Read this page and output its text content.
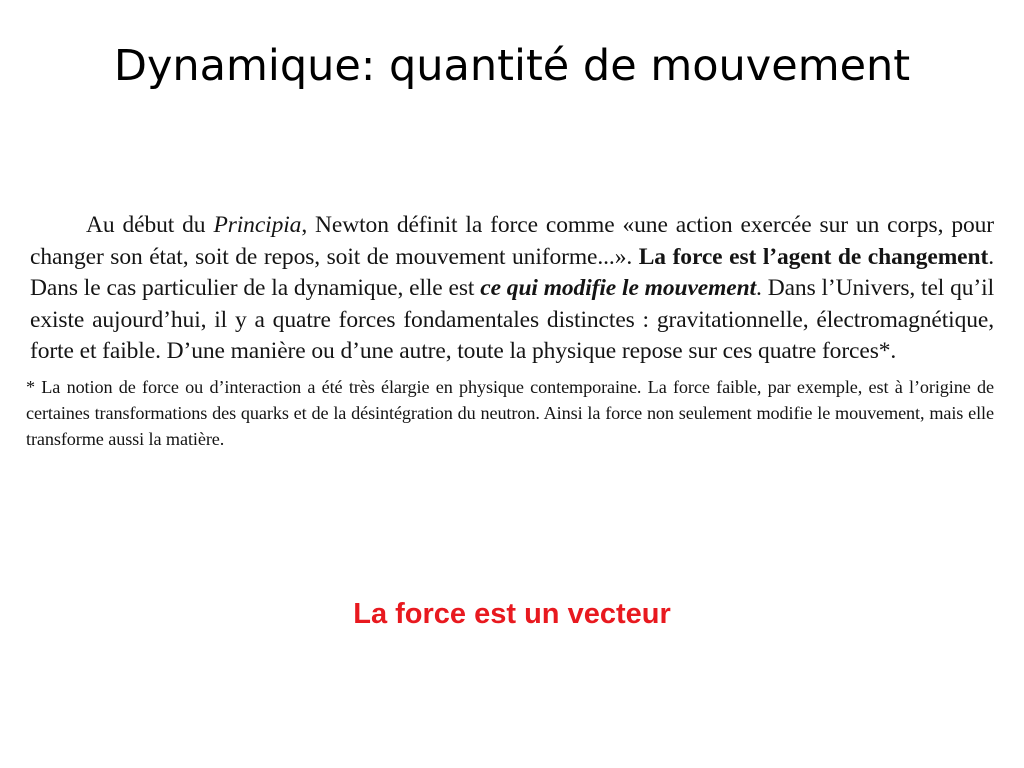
Dynamique: quantité de mouvement

Au début du Principia, Newton définit la force comme «une action exercée sur un corps, pour changer son état, soit de repos, soit de mouvement uniforme...». La force est l’agent de changement. Dans le cas particulier de la dynamique, elle est ce qui modifie le mouvement. Dans l’Univers, tel qu’il existe aujourd’hui, il y a quatre forces fondamentales distinctes : gravitationnelle, électromagnétique, forte et faible. D’une manière ou d’une autre, toute la physique repose sur ces quatre forces*.

* La notion de force ou d’interaction a été très élargie en physique contemporaine. La force faible, par exemple, est à l’origine de certaines transformations des quarks et de la désintégration du neutron. Ainsi la force non seulement modifie le mouvement, mais elle transforme aussi la matière.

La force est un vecteur
